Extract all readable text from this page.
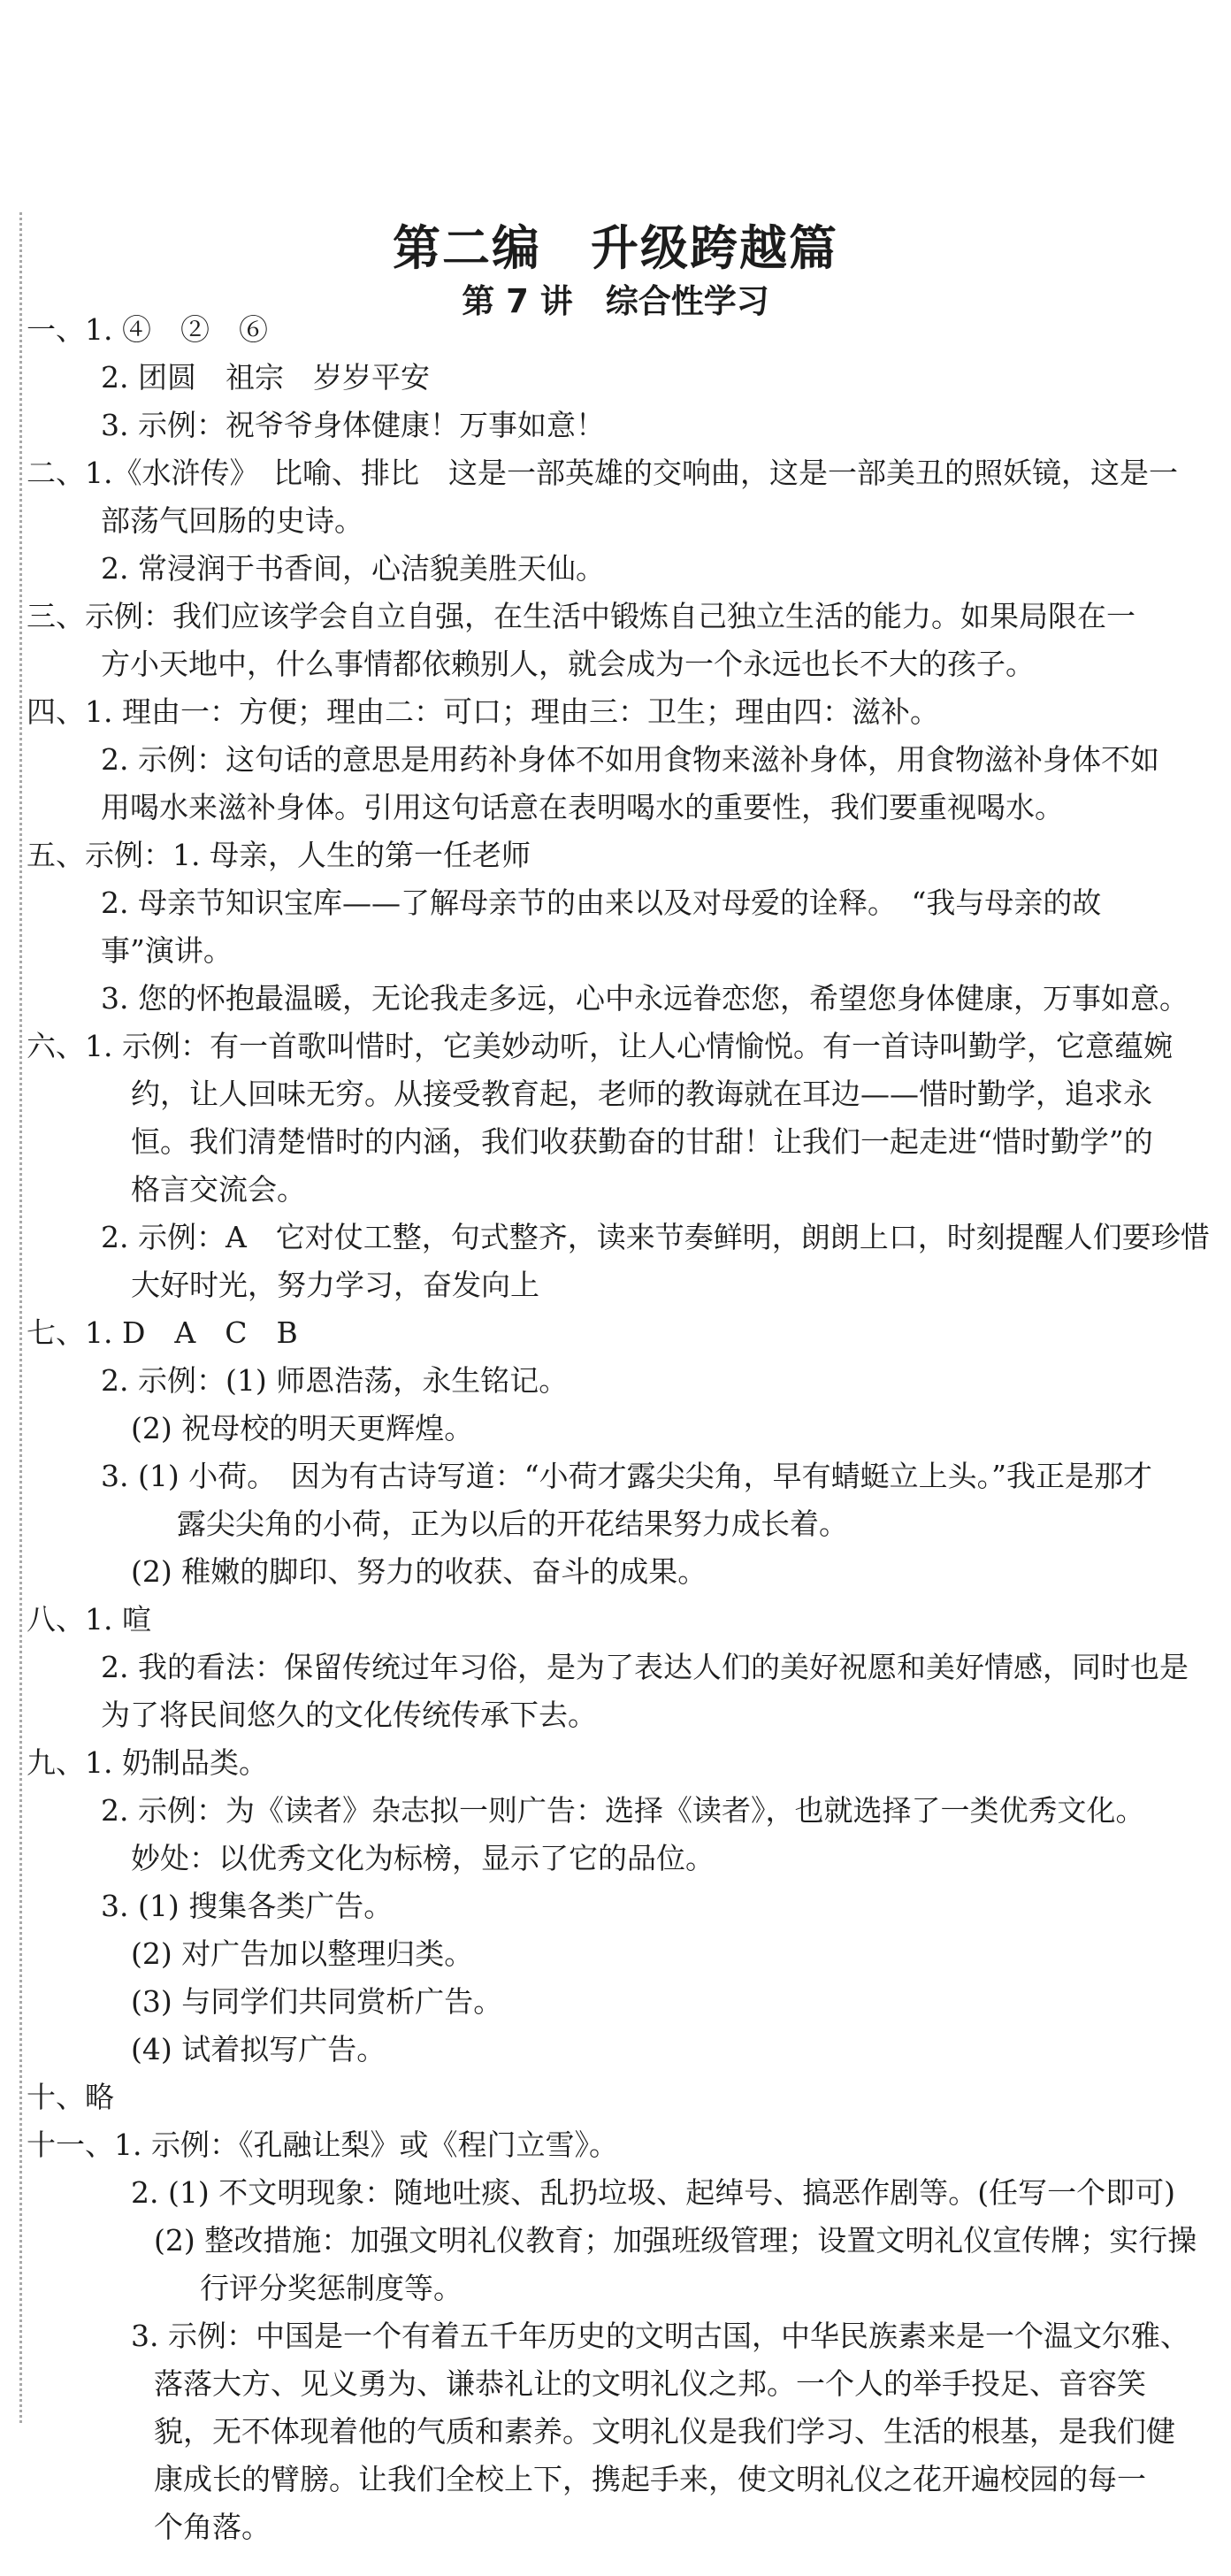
第二编　升级跨越篇
第 7 讲　综合性学习
一、1. ④　②　⑥
2. 团圆　祖宗　岁岁平安
3. 示例：祝爷爷身体健康！万事如意！
二、1.《水浒传》　比喻、排比　这是一部英雄的交响曲，这是一部美丑的照妖镜，这是一
部荡气回肠的史诗。
2. 常浸润于书香间，心洁貌美胜天仙。
三、示例：我们应该学会自立自强，在生活中锻炼自己独立生活的能力。如果局限在一
方小天地中，什么事情都依赖别人，就会成为一个永远也长不大的孩子。
四、1. 理由一：方便；理由二：可口；理由三：卫生；理由四：滋补。
2. 示例：这句话的意思是用药补身体不如用食物来滋补身体，用食物滋补身体不如
用喝水来滋补身体。引用这句话意在表明喝水的重要性，我们要重视喝水。
五、示例：1. 母亲，人生的第一任老师
2. 母亲节知识宝库——了解母亲节的由来以及对母爱的诠释。　“我与母亲的故
事”演讲。
3. 您的怀抱最温暖，无论我走多远，心中永远眷恋您，希望您身体健康，万事如意。
六、1. 示例：有一首歌叫惜时，它美妙动听，让人心情愉悦。有一首诗叫勤学，它意蕴婉
约，让人回味无穷。从接受教育起，老师的教诲就在耳边——惜时勤学，追求永
恒。我们清楚惜时的内涵，我们收获勤奋的甘甜！让我们一起走进“惜时勤学”的
格言交流会。
2. 示例：A　它对仗工整，句式整齐，读来节奏鲜明，朗朗上口，时刻提醒人们要珍惜
大好时光，努力学习，奋发向上
七、1. D　A　C　B
2. 示例：(1) 师恩浩荡，永生铭记。
(2) 祝母校的明天更辉煌。
3. (1) 小荷。　因为有古诗写道：“小荷才露尖尖角，早有蜻蜓立上头。”我正是那才
露尖尖角的小荷，正为以后的开花结果努力成长着。
(2) 稚嫩的脚印、努力的收获、奋斗的成果。
八、1. 喧
2. 我的看法：保留传统过年习俗，是为了表达人们的美好祝愿和美好情感，同时也是
为了将民间悠久的文化传统传承下去。
九、1. 奶制品类。
2. 示例：为《读者》杂志拟一则广告：选择《读者》，也就选择了一类优秀文化。
妙处：以优秀文化为标榜，显示了它的品位。
3. (1) 搜集各类广告。
(2) 对广告加以整理归类。
(3) 与同学们共同赏析广告。
(4) 试着拟写广告。
十、略
十一、1. 示例：《孔融让梨》或《程门立雪》。
2. (1) 不文明现象：随地吐痰、乱扔垃圾、起绰号、搞恶作剧等。(任写一个即可)
(2) 整改措施：加强文明礼仪教育；加强班级管理；设置文明礼仪宣传牌；实行操
行评分奖惩制度等。
3. 示例：中国是一个有着五千年历史的文明古国，中华民族素来是一个温文尔雅、
落落大方、见义勇为、谦恭礼让的文明礼仪之邦。一个人的举手投足、音容笑
貌，无不体现着他的气质和素养。文明礼仪是我们学习、生活的根基，是我们健
康成长的臂膀。让我们全校上下，携起手来，使文明礼仪之花开遍校园的每一
个角落。
